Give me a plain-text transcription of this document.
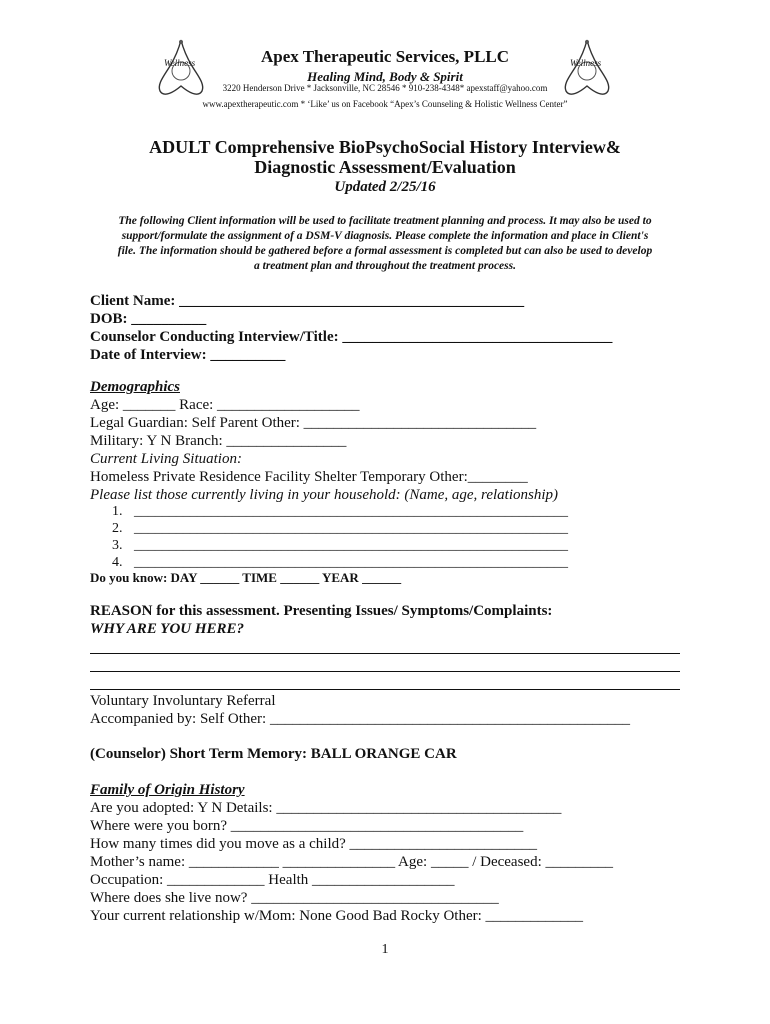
Wellness	Wellness
Apex Therapeutic Services, PLLC
Healing Mind, Body & Spirit
3220 Henderson Drive * Jacksonville, NC 28546 * 910-238-4348* apexstaff@yahoo.com
www.apextherapeutic.com * ‘Like’ us on Facebook “Apex’s Counseling & Holistic Wellness Center”
ADULT Comprehensive BioPsychoSocial History Interview&
Diagnostic Assessment/Evaluation
Updated 2/25/16
The following Client information will be used to facilitate treatment planning and process. It may also be used to
support/formulate the assignment of a DSM-V diagnosis. Please complete the information and place in Client's
file. The information should be gathered before a formal assessment is completed but can also be used to develop
a treatment plan and throughout the treatment process.
Client Name: ______________________________________________
DOB: __________
Counselor Conducting Interview/Title: ____________________________________
Date of Interview: __________
Demographics
Age: _______ Race: ___________________
Legal Guardian: Self Parent Other: _______________________________
Military: Y N Branch: ________________
Current Living Situation:
Homeless Private Residence Facility Shelter Temporary Other:________
Please list those currently living in your household: (Name, age, relationship)
1. ______________________________________________________________
2. ______________________________________________________________
3. ______________________________________________________________
4. ______________________________________________________________
Do you know: DAY ______ TIME ______ YEAR ______
REASON for this assessment. Presenting Issues/ Symptoms/Complaints:
WHY ARE YOU HERE?
Voluntary Involuntary Referral
Accompanied by: Self Other: ________________________________________________
(Counselor) Short Term Memory: BALL ORANGE CAR
Family of Origin History
Are you adopted: Y N Details: ______________________________________
Where were you born? _______________________________________
How many times did you move as a child? _________________________
Mother’s name: ____________ _______________ Age: _____ / Deceased: _________
Occupation: _____________ Health ___________________
Where does she live now? _________________________________
Your current relationship w/Mom: None Good Bad Rocky Other: _____________
1
